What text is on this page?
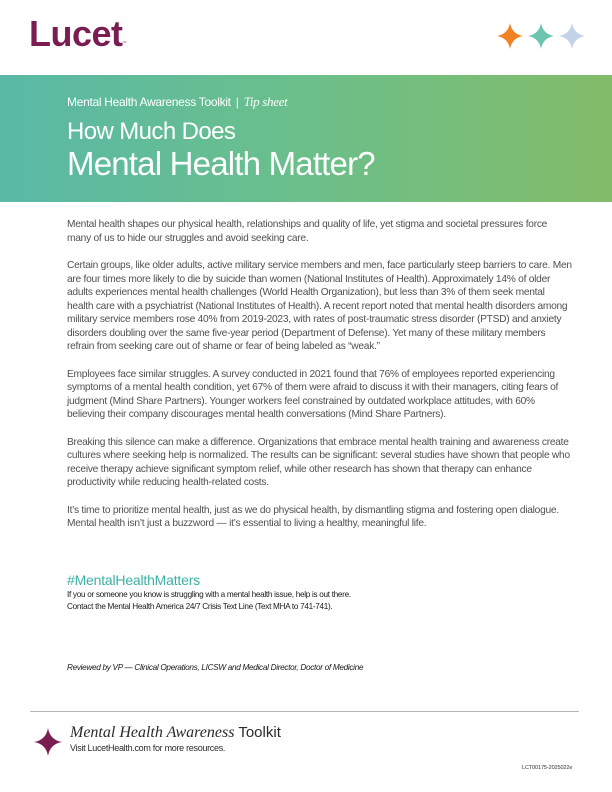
Lucet™
Mental Health Awareness Toolkit | Tip sheet
How Much Does
Mental Health Matter?

Mental health shapes our physical health, relationships and quality of life, yet stigma and societal pressures force many of us to hide our struggles and avoid seeking care.

Certain groups, like older adults, active military service members and men, face particularly steep barriers to care. Men are four times more likely to die by suicide than women (National Institutes of Health). Approximately 14% of older adults experiences mental health challenges (World Health Organization), but less than 3% of them seek mental health care with a psychiatrist (National Institutes of Health). A recent report noted that mental health disorders among military service members rose 40% from 2019-2023, with rates of post-traumatic stress disorder (PTSD) and anxiety disorders doubling over the same five-year period (Department of Defense). Yet many of these military members refrain from seeking care out of shame or fear of being labeled as “weak.”

Employees face similar struggles. A survey conducted in 2021 found that 76% of employees reported experiencing symptoms of a mental health condition, yet 67% of them were afraid to discuss it with their managers, citing fears of judgment (Mind Share Partners). Younger workers feel constrained by outdated workplace attitudes, with 60% believing their company discourages mental health conversations (Mind Share Partners).

Breaking this silence can make a difference. Organizations that embrace mental health training and awareness create cultures where seeking help is normalized. The results can be significant: several studies have shown that people who receive therapy achieve significant symptom relief, while other research has shown that therapy can enhance productivity while reducing health-related costs.

It’s time to prioritize mental health, just as we do physical health, by dismantling stigma and fostering open dialogue. Mental health isn’t just a buzzword — it’s essential to living a healthy, meaningful life.

#MentalHealthMatters
If you or someone you know is struggling with a mental health issue, help is out there.
Contact the Mental Health America 24/7 Crisis Text Line (Text MHA to 741-741).
Reviewed by VP — Clinical Operations, LICSW and Medical Director, Doctor of Medicine
Mental Health Awareness Toolkit
Visit LucetHealth.com for more resources.
LCT00175-2025022e
